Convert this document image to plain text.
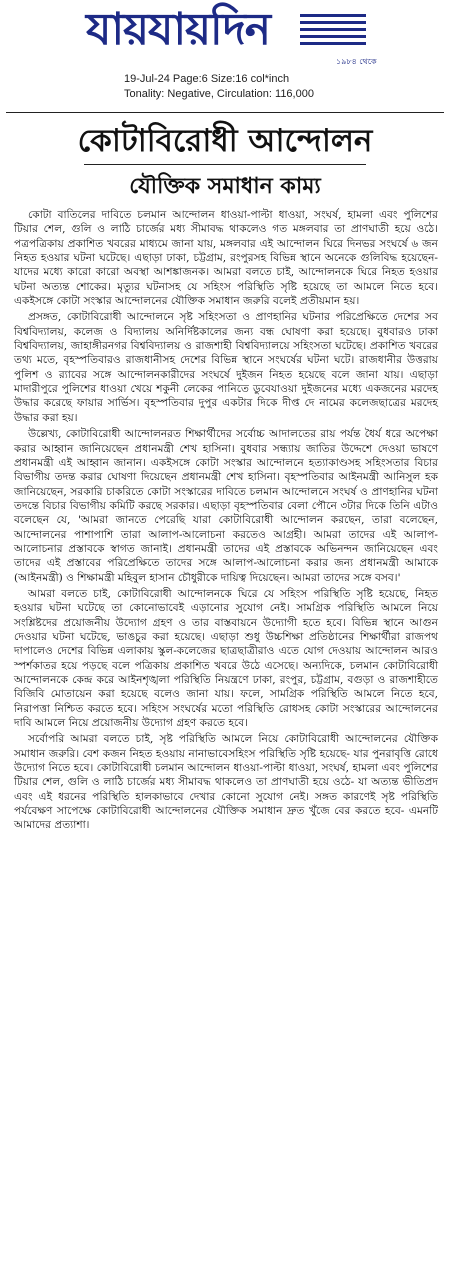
যায়যায়দিন
১৯৮৪ থেকে
19-Jul-24 Page:6 Size:16 col*inch
Tonality: Negative, Circulation: 116,000
কোটাবিরোধী আন্দোলন
যৌক্তিক সমাধান কাম্য

কোটা বাতিলের দাবিতে চলমান আন্দোলন ধাওয়া-পাল্টা ধাওয়া, সংঘর্ষ, হামলা এবং পুলিশের টিয়ার শেল, গুলি ও লাঠি চার্জের মধ্য সীমাবদ্ধ থাকলেও গত মঙ্গলবার তা প্রাণঘাতী হয়ে ওঠে। পত্রপত্রিকায় প্রকাশিত খবরের মাধ্যমে জানা যায়, মঙ্গলবার এই আন্দোলন ঘিরে দিনভর সংঘর্ষে ৬ জন নিহত হওয়ার ঘটনা ঘটেছে। এছাড়া ঢাকা, চট্টগ্রাম, রংপুরসহ বিভিন্ন স্থানে অনেকে গুলিবিদ্ধ হয়েছেন- যাদের মধ্যে কারো কারো অবস্থা আশঙ্কাজনক। আমরা বলতে চাই, আন্দোলনকে ঘিরে নিহত হওয়ার ঘটনা অত্যন্ত শোকের। মৃত্যুর ঘটনাসহ যে সহিংস পরিস্থিতি সৃষ্টি হয়েছে তা আমলে নিতে হবে। একইসঙ্গে কোটা সংস্কার আন্দোলনের যৌক্তিক সমাধান জরুরি বলেই প্রতীয়মান হয়।

প্রসঙ্গত, কোটাবিরোধী আন্দোলনে সৃষ্ট সহিংসতা ও প্রাণহানির ঘটনার পরিপ্রেক্ষিতে দেশের সব বিশ্ববিদ্যালয়, কলেজ ও বিদ্যালয় অনির্দিষ্টকালের জন্য বন্ধ ঘোষণা করা হয়েছে। বুধবারও ঢাকা বিশ্ববিদ্যালয়, জাহাঙ্গীরনগর বিশ্ববিদ্যালয় ও রাজশাহী বিশ্ববিদ্যালয়ে সহিংসতা ঘটেছে। প্রকাশিত খবরের তথ্য মতে, বৃহস্পতিবারও রাজধানীসহ দেশের বিভিন্ন স্থানে সংঘর্ষের ঘটনা ঘটে। রাজধানীর উত্তরায় পুলিশ ও র‌্যাবের সঙ্গে আন্দোলনকারীদের সংঘর্ষে দুইজন নিহত হয়েছে বলে জানা যায়। এছাড়া মাদারীপুরে পুলিশের ধাওয়া খেয়ে শকুনী লেকের পানিতে ডুবেযাওয়া দুইজনের মধ্যে একজনের মরদেহ উদ্ধার করেছে ফায়ার সার্ভিস। বৃহস্পতিবার দুপুর একটার দিকে দীপ্ত দে নামের কলেজছাত্রের মরদেহ উদ্ধার করা হয়।

উল্লেখ্য, কোটাবিরোধী আন্দোলনরত শিক্ষার্থীদের সর্বোচ্চ আদালতের রায় পর্যন্ত ধৈর্য ধরে অপেক্ষা করার আহ্বান জানিয়েছেন প্রধানমন্ত্রী শেখ হাসিনা। বুধবার সন্ধ্যায় জাতির উদ্দেশে দেওয়া ভাষণে প্রধানমন্ত্রী এই আহ্বান জানান। একইসঙ্গে কোটা সংস্কার আন্দোলনে হত্যাকাণ্ডসহ সহিংসতার বিচার বিভাগীয় তদন্ত করার ঘোষণা দিয়েছেন প্রধানমন্ত্রী শেখ হাসিনা। বৃহস্পতিবার আইনমন্ত্রী আনিসুল হক জানিয়েছেন, সরকারি চাকরিতে কোটা সংস্কারের দাবিতে চলমান আন্দোলনে সংঘর্ষ ও প্রাণহানির ঘটনা তদন্তে বিচার বিভাগীয় কমিটি করছে সরকার। এছাড়া বৃহস্পতিবার বেলা পৌনে ৩টার দিকে তিনি এটাও বলেছেন যে, 'আমরা জানতে পেরেছি যারা কোটাবিরোধী আন্দোলন করছেন, তারা বলেছেন, আন্দোলনের পাশাপাশি তারা আলাপ-আলোচনা করতেও আগ্রহী। আমরা তাদের এই আলাপ-আলোচনার প্রস্তাবকে স্বাগত জানাই। প্রধানমন্ত্রী তাদের এই প্রস্তাবকে অভিনন্দন জানিয়েছেন এবং তাদের এই প্রস্তাবের পরিপ্রেক্ষিতে তাদের সঙ্গে আলাপ-আলোচনা করার জন্য প্রধানমন্ত্রী আমাকে (আইনমন্ত্রী) ও শিক্ষামন্ত্রী মহিবুল হাসান চৌধুরীকে দায়িত্ব দিয়েছেন। আমরা তাদের সঙ্গে বসব।'

আমরা বলতে চাই, কোটাবিরোধী আন্দোলনকে ঘিরে যে সহিংস পরিস্থিতি সৃষ্টি হয়েছে, নিহত হওয়ার ঘটনা ঘটেছে তা কোনোভাবেই এড়ানোর সুযোগ নেই। সামগ্রিক পরিস্থিতি আমলে নিয়ে সংশ্লিষ্টদের প্রয়োজনীয় উদ্যোগ গ্রহণ ও তার বাস্তবায়নে উদ্যোগী হতে হবে। বিভিন্ন স্থানে আগুন দেওয়ার ঘটনা ঘটেছে, ভাঙচুর করা হয়েছে। এছাড়া শুধু উচ্চশিক্ষা প্রতিষ্ঠানের শিক্ষার্থীরা রাজপথ দাপালেও দেশের বিভিন্ন এলাকায় স্কুল-কলেজের ছাত্রছাত্রীরাও এতে যোগ দেওয়ায় আন্দোলন আরও স্পর্শকাতর হয়ে পড়ছে বলে পত্রিকায় প্রকাশিত খবরে উঠে এসেছে। অন্যদিকে, চলমান কোটাবিরোধী আন্দোলনকে কেন্দ্র করে আইনশৃঙ্খলা পরিস্থিতি নিয়ন্ত্রণে ঢাকা, রংপুর, চট্টগ্রাম, বগুড়া ও রাজশাহীতে বিজিবি মোতায়েন করা হয়েছে বলেও জানা যায়। ফলে, সামগ্রিক পরিস্থিতি আমলে নিতে হবে, নিরাপত্তা নিশ্চিত করতে হবে। সহিংস সংঘর্ষের মতো পরিস্থিতি রোধসহ কোটা সংস্কারের আন্দোলনের দাবি আমলে নিয়ে প্রয়োজনীয় উদ্যোগ গ্রহণ করতে হবে।

সর্বোপরি আমরা বলতে চাই, সৃষ্ট পরিস্থিতি আমলে নিয়ে কোটাবিরোধী আন্দোলনের যৌক্তিক সমাধান জরুরি। বেশ কজন নিহত হওয়ায় নানাভাবেসহিংস পরিস্থিতি সৃষ্টি হয়েছে- যার পুনরাবৃত্তি রোধে উদ্যোগ নিতে হবে। কোটাবিরোধী চলমান আন্দোলন ধাওয়া-পাল্টা ধাওয়া, সংঘর্ষ, হামলা এবং পুলিশের টিয়ার শেল, গুলি ও লাঠি চার্জের মধ্য সীমাবদ্ধ থাকলেও তা প্রাণঘাতী হয়ে ওঠে- যা অত্যন্ত ভীতিপ্রদ এবং এই ধরনের পরিস্থিতি হালকাভাবে দেখার কোনো সুযোগ নেই। সঙ্গত কারণেই সৃষ্ট পরিস্থিতি পর্যবেক্ষণ সাপেক্ষে কোটাবিরোধী আন্দোলনের যৌক্তিক সমাধান দ্রুত খুঁজে বের করতে হবে- এমনটি আমাদের প্রত্যাশা।
